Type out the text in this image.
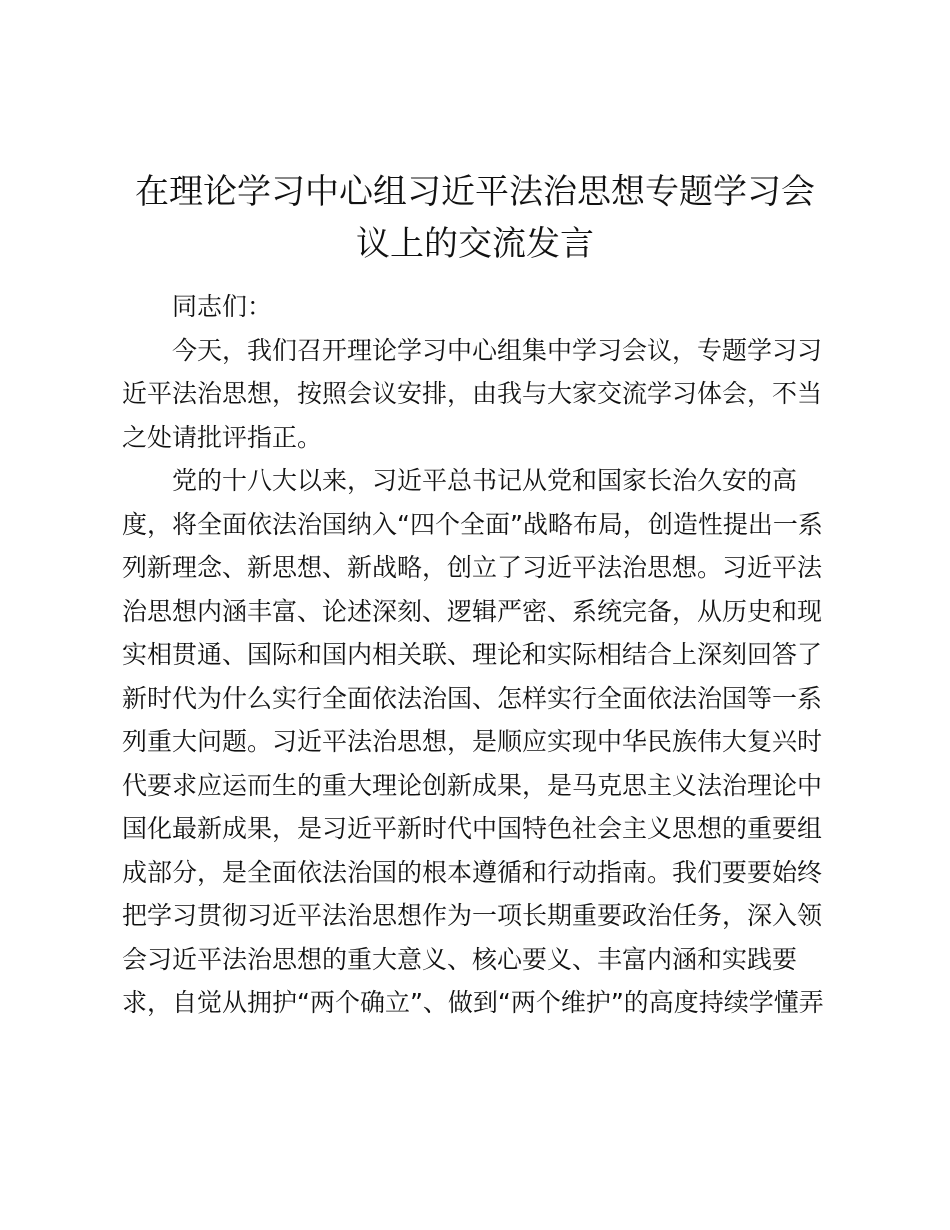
在理论学习中心组习近平法治思想专题学习会
议上的交流发言
同志们：
今天，我们召开理论学习中心组集中学习会议，专题学习习
近平法治思想，按照会议安排，由我与大家交流学习体会，不当
之处请批评指正。
党的十八大以来，习近平总书记从党和国家长治久安的高
度，将全面依法治国纳入“四个全面”战略布局，创造性提出一系
列新理念、新思想、新战略，创立了习近平法治思想。习近平法
治思想内涵丰富、论述深刻、逻辑严密、系统完备，从历史和现
实相贯通、国际和国内相关联、理论和实际相结合上深刻回答了
新时代为什么实行全面依法治国、怎样实行全面依法治国等一系
列重大问题。习近平法治思想，是顺应实现中华民族伟大复兴时
代要求应运而生的重大理论创新成果，是马克思主义法治理论中
国化最新成果，是习近平新时代中国特色社会主义思想的重要组
成部分，是全面依法治国的根本遵循和行动指南。我们要要始终
把学习贯彻习近平法治思想作为一项长期重要政治任务，深入领
会习近平法治思想的重大意义、核心要义、丰富内涵和实践要
求，自觉从拥护“两个确立”、做到“两个维护”的高度持续学懂弄
